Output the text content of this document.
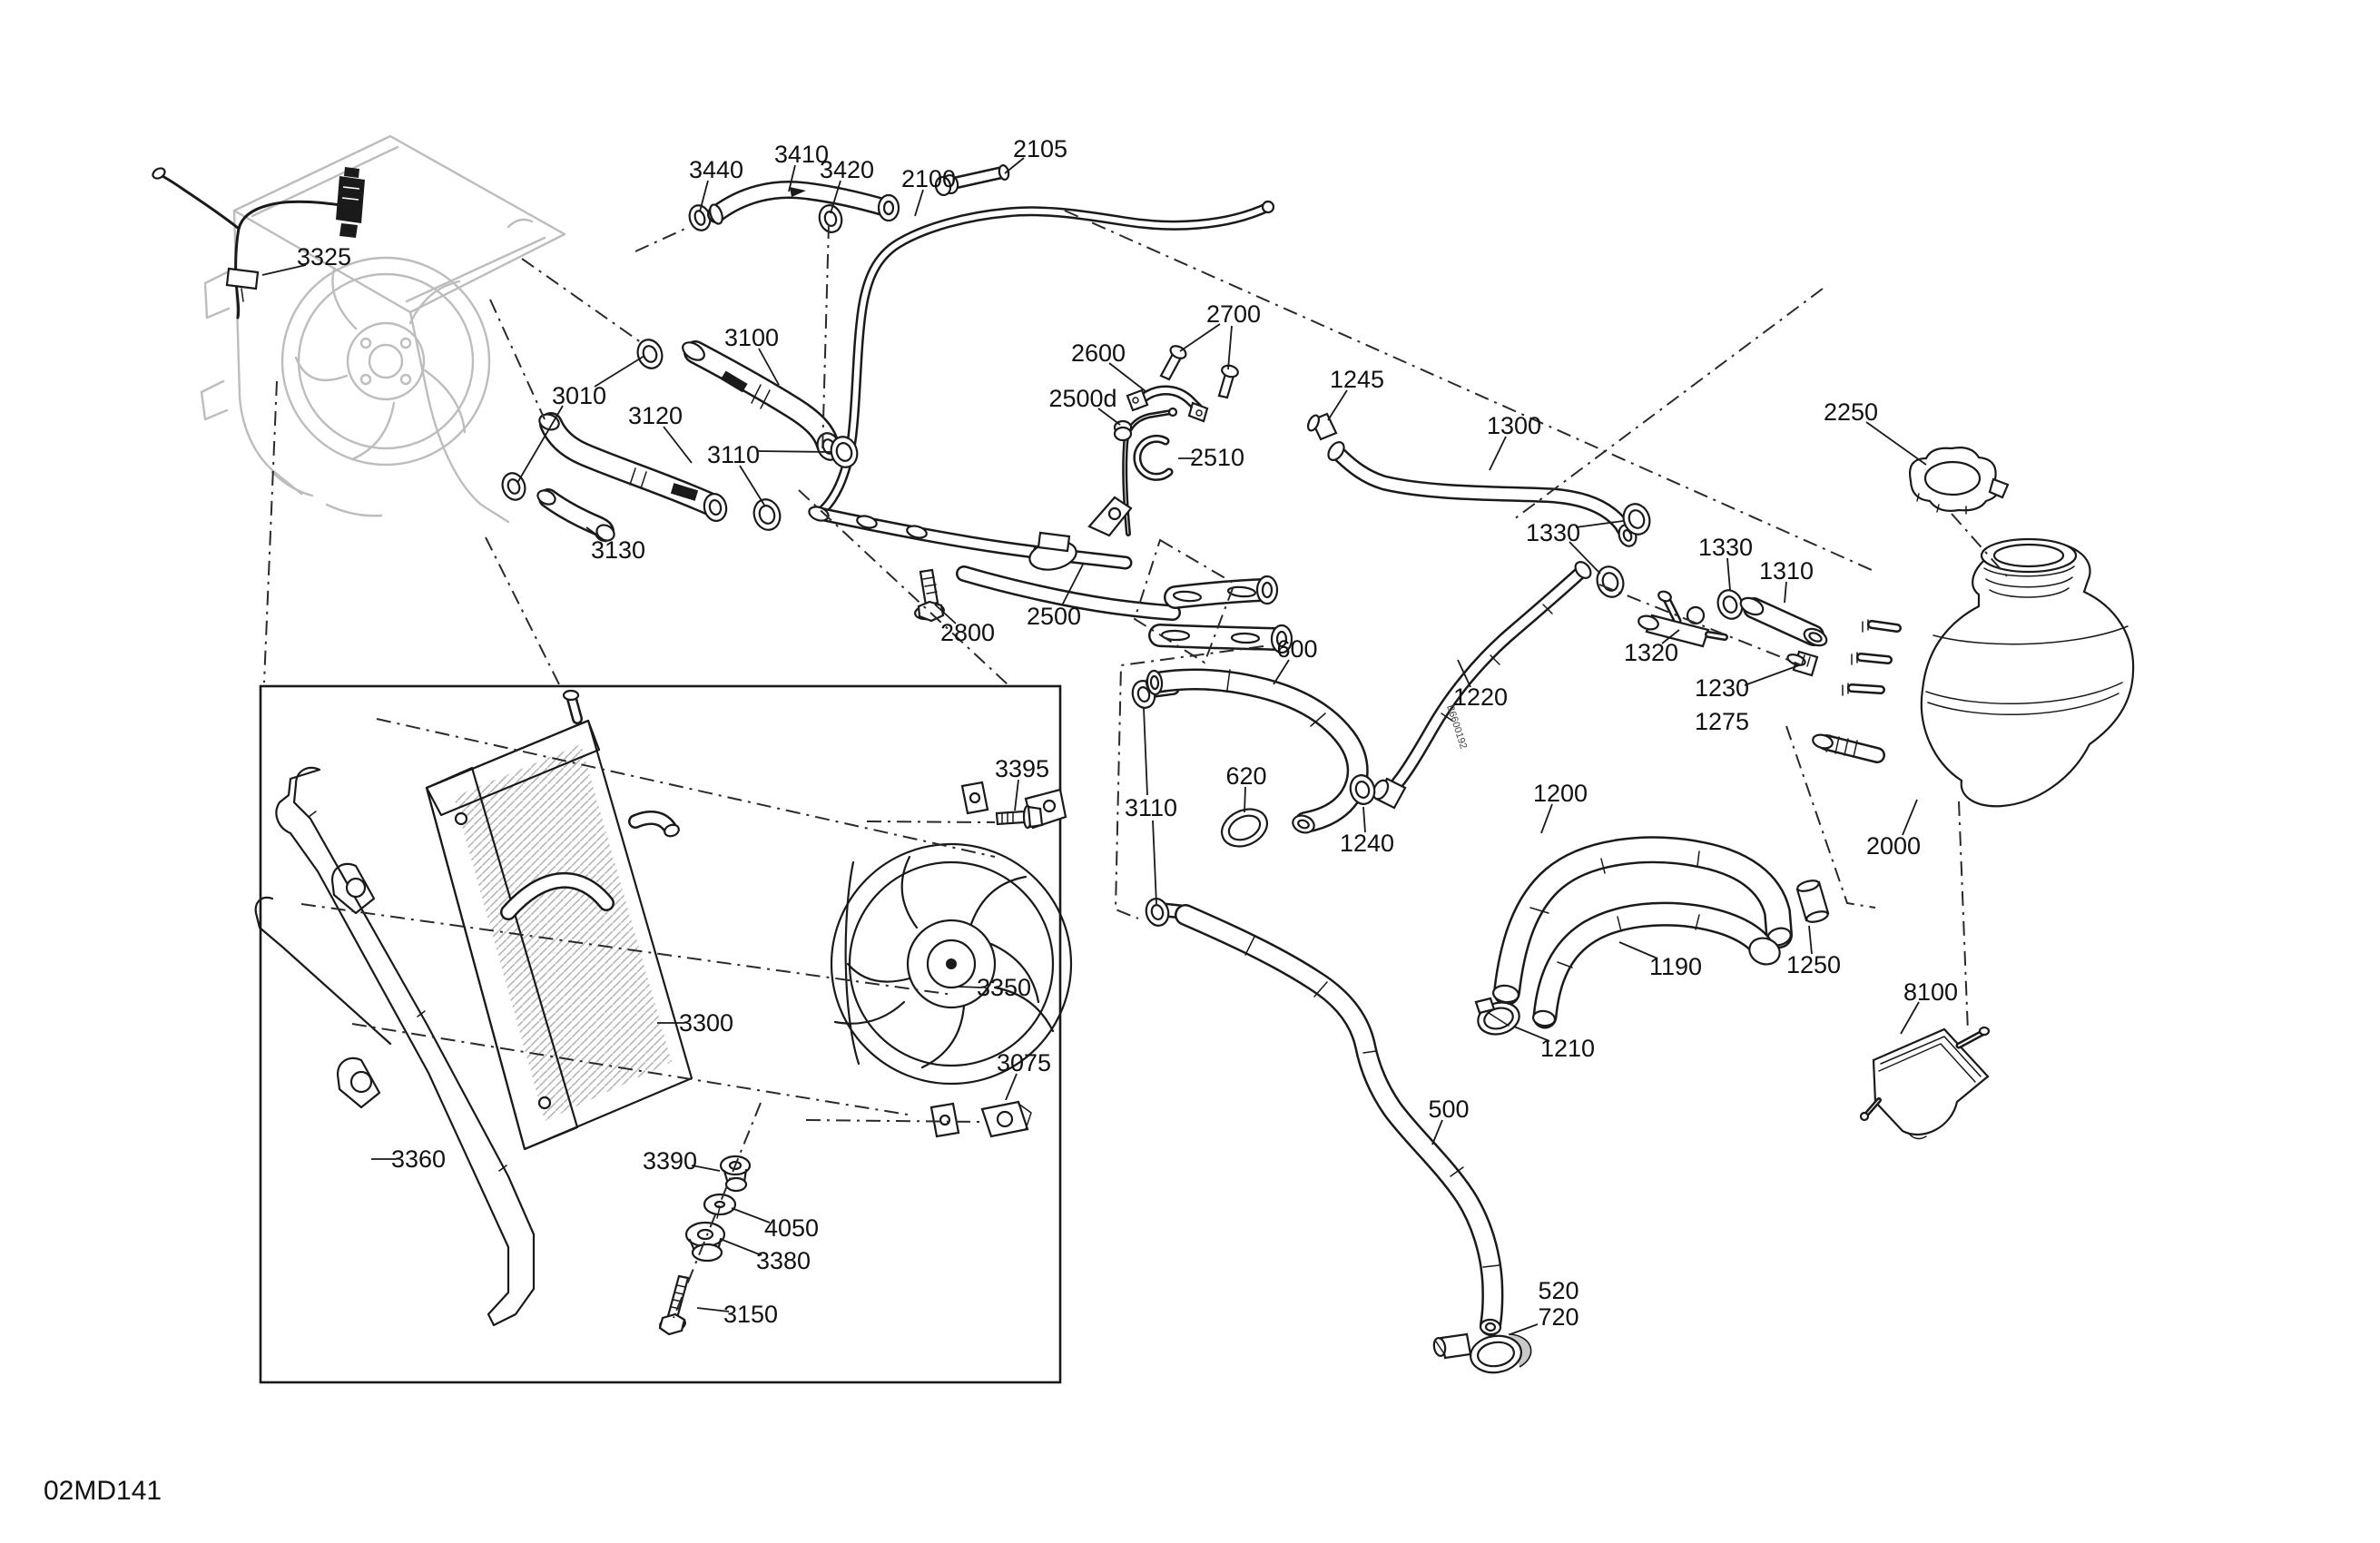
3325
3440
3410
3420 2100
2105
2250
3010
3100
3120
3110
3130
2800
2500
2600
2700
2500d
2510
1245
1300
1330
1330
1310
1320
1230
1275
2000
1200
1220
1240
1190
1210
1250
8100
500
520
720
600
620
3110
3395
3350
3300
3075
3360	3390
4050
3380
3150
B6600192
02MD141
